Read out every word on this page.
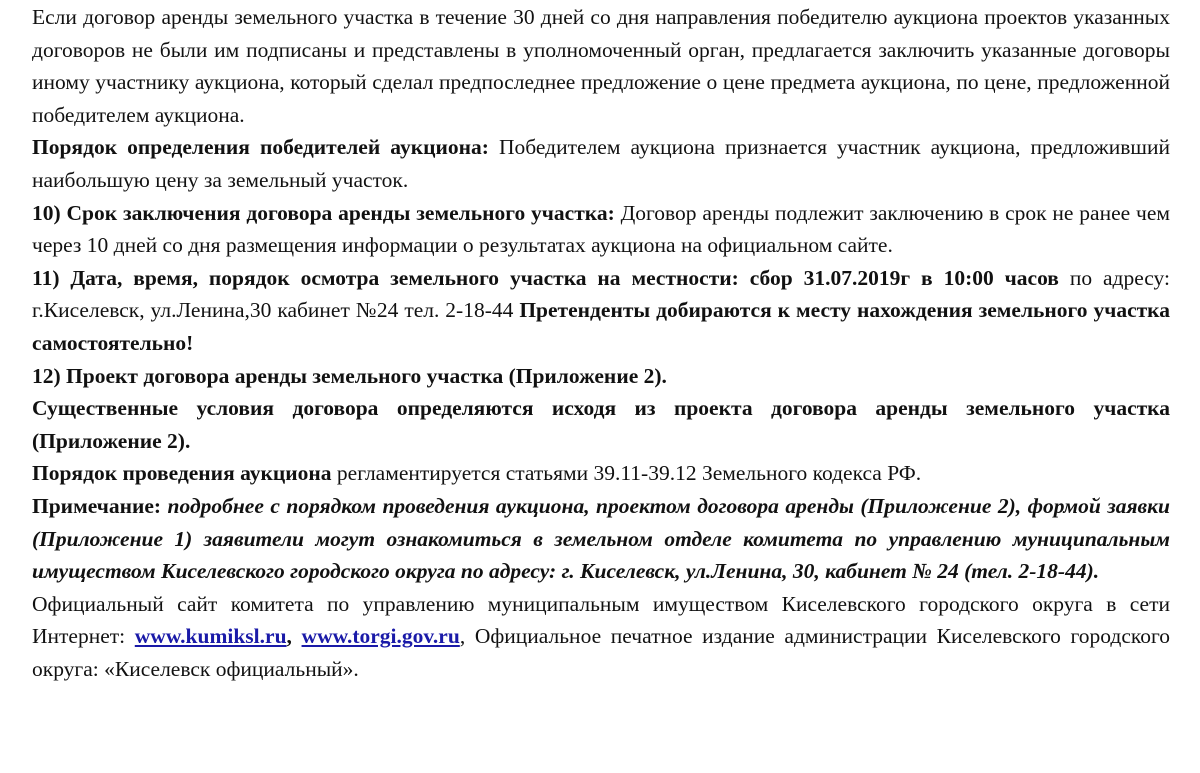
Если договор аренды земельного участка в течение 30 дней со дня направления победителю аукциона проектов указанных договоров не были им подписаны и представлены в уполномоченный орган, предлагается заключить указанные договоры иному участнику аукциона, который сделал предпоследнее предложение о цене предмета аукциона, по цене, предложенной победителем аукциона.

Порядок определения победителей аукциона: Победителем аукциона признается участник аукциона, предложивший наибольшую цену за земельный участок.

10) Срок заключения договора аренды земельного участка: Договор аренды подлежит заключению в срок не ранее чем через 10 дней со дня размещения информации о результатах аукциона на официальном сайте.

11) Дата, время, порядок осмотра земельного участка на местности: сбор 31.07.2019г в 10:00 часов по адресу: г.Киселевск, ул.Ленина,30 кабинет №24 тел. 2-18-44 Претенденты добираются к месту нахождения земельного участка самостоятельно!

12) Проект договора аренды земельного участка (Приложение 2).

Существенные условия договора определяются исходя из проекта договора аренды земельного участка (Приложение 2).

Порядок проведения аукциона регламентируется статьями 39.11-39.12 Земельного кодекса РФ.

Примечание: подробнее с порядком проведения аукциона, проектом договора аренды (Приложение 2), формой заявки (Приложение 1) заявители могут ознакомиться в земельном отделе комитета по управлению муниципальным имуществом Киселевского городского округа по адресу: г. Киселевск, ул.Ленина, 30, кабинет № 24 (тел. 2-18-44).

Официальный сайт комитета по управлению муниципальным имуществом Киселевского городского округа в сети Интернет: www.kumiksl.ru, www.torgi.gov.ru, Официальное печатное издание администрации Киселевского городского округа: «Киселевск официальный».
